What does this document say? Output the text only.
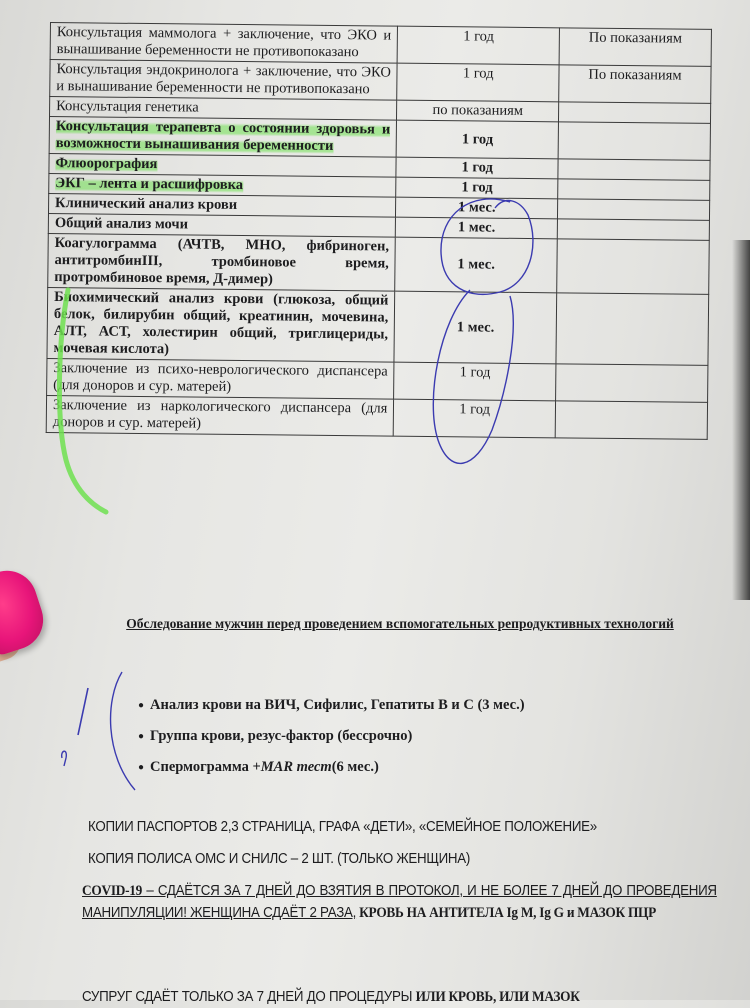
Консультация маммолога + заключение, что ЭКО и вынашивание беременности не противопоказано	1 год	По показаниям
Консультация эндокринолога + заключение, что ЭКО и вынашивание беременности не противопоказано	1 год	По показаниям
Консультация генетика	по показаниям	
Консультация терапевта о состоянии здоровья и возможности вынашивания беременности	1 год	
Флюорография	1 год	
ЭКГ – лента и расшифровка	1 год	
Клинический анализ крови	1 мес.	
Общий анализ мочи	1 мес.	
Коагулограмма (АЧТВ, МНО, фибриноген, антитромбинIII, тромбиновое время, протромбиновое время, Д-димер)	1 мес.	
Биохимический анализ крови (глюкоза, общий белок, билирубин общий, креатинин, мочевина, АЛТ, АСТ, холестирин общий, триглицериды, мочевая кислота)	1 мес.	
Заключение из психо-неврологического диспансера (для доноров и сур. матерей)	1 год	
Заключение из наркологического диспансера (для доноров и сур. матерей)	1 год	
Обследование мужчин перед проведением вспомогательных репродуктивных технологий
● Анализ крови на ВИЧ, Сифилис, Гепатиты В и С (3 мес.)
● Группа крови, резус-фактор (бессрочно)
● Спермограмма + MAR тест (6 мес.)
КОПИИ ПАСПОРТОВ 2,3 СТРАНИЦА, ГРАФА «ДЕТИ», «СЕМЕЙНОЕ ПОЛОЖЕНИЕ»
КОПИЯ ПОЛИСА ОМС И СНИЛС – 2 ШТ. (ТОЛЬКО ЖЕНЩИНА)
COVID-19 – СДАЁТСЯ ЗА 7 ДНЕЙ ДО ВЗЯТИЯ В ПРОТОКОЛ, И НЕ БОЛЕЕ 7 ДНЕЙ ДО ПРОВЕДЕНИЯ МАНИПУЛЯЦИИ! ЖЕНЩИНА СДАЁТ 2 РАЗА, КРОВЬ НА АНТИТЕЛА Ig M, Ig G и МАЗОК ПЦР
СУПРУГ СДАЁТ ТОЛЬКО ЗА 7 ДНЕЙ ДО ПРОЦЕДУРЫ ИЛИ КРОВЬ, ИЛИ МАЗОК
